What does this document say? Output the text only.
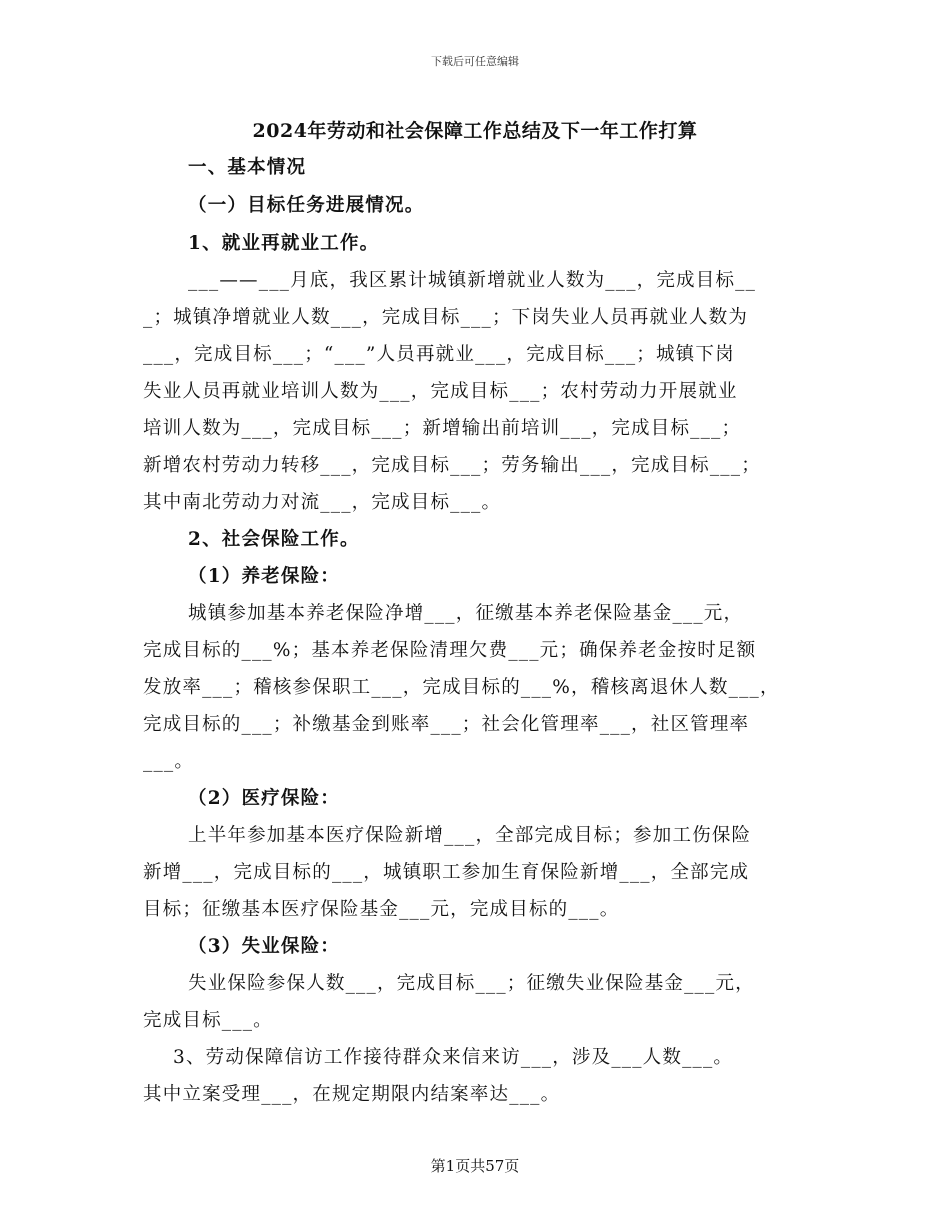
下载后可任意编辑
2024年劳动和社会保障工作总结及下一年工作打算
一、基本情况
（一）目标任务进展情况。
1、就业再就业工作。
___——___月底，我区累计城镇新增就业人数为___，完成目标__
_；城镇净增就业人数___，完成目标___；下岗失业人员再就业人数为
___，完成目标___；“___”人员再就业___，完成目标___；城镇下岗
失业人员再就业培训人数为___，完成目标___；农村劳动力开展就业
培训人数为___，完成目标___；新增输出前培训___，完成目标___；
新增农村劳动力转移___，完成目标___；劳务输出___，完成目标___；
其中南北劳动力对流___，完成目标___。
2、社会保险工作。
（1）养老保险：
城镇参加基本养老保险净增___，征缴基本养老保险基金___元，
完成目标的___%；基本养老保险清理欠费___元；确保养老金按时足额
发放率___；稽核参保职工___，完成目标的___%，稽核离退休人数___，
完成目标的___；补缴基金到账率___；社会化管理率___，社区管理率
___。
（2）医疗保险：
上半年参加基本医疗保险新增___，全部完成目标；参加工伤保险
新增___，完成目标的___，城镇职工参加生育保险新增___，全部完成
目标；征缴基本医疗保险基金___元，完成目标的___。
（3）失业保险：
失业保险参保人数___，完成目标___；征缴失业保险基金___元，
完成目标___。
3、劳动保障信访工作接待群众来信来访___，涉及___人数___。
其中立案受理___，在规定期限内结案率达___。
第1页共57页
